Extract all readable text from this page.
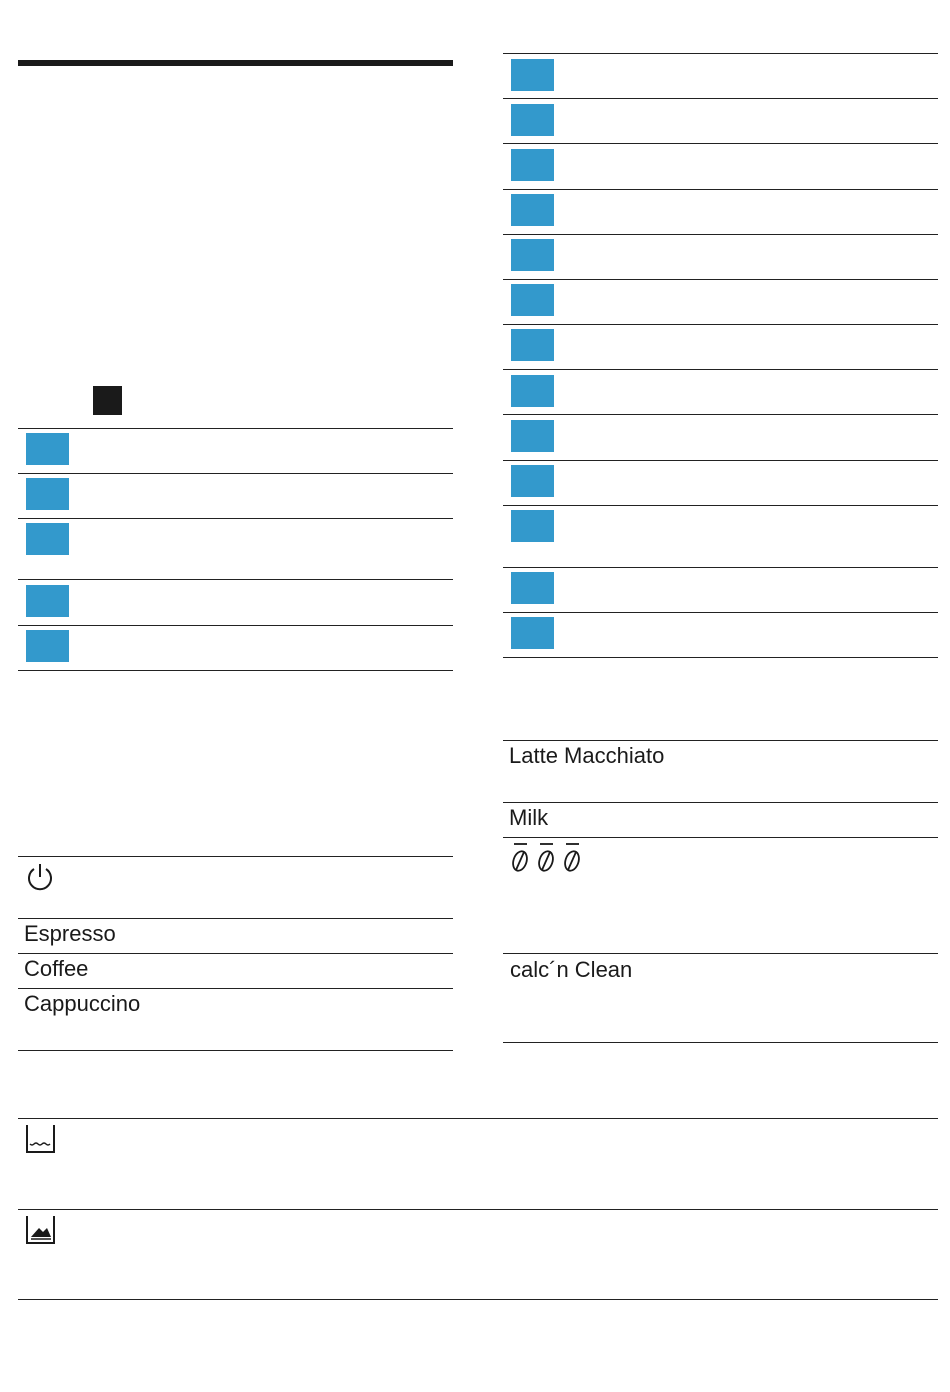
Espresso
Coffee
Cappuccino
Latte Macchiato
Milk
calc´n Clean
